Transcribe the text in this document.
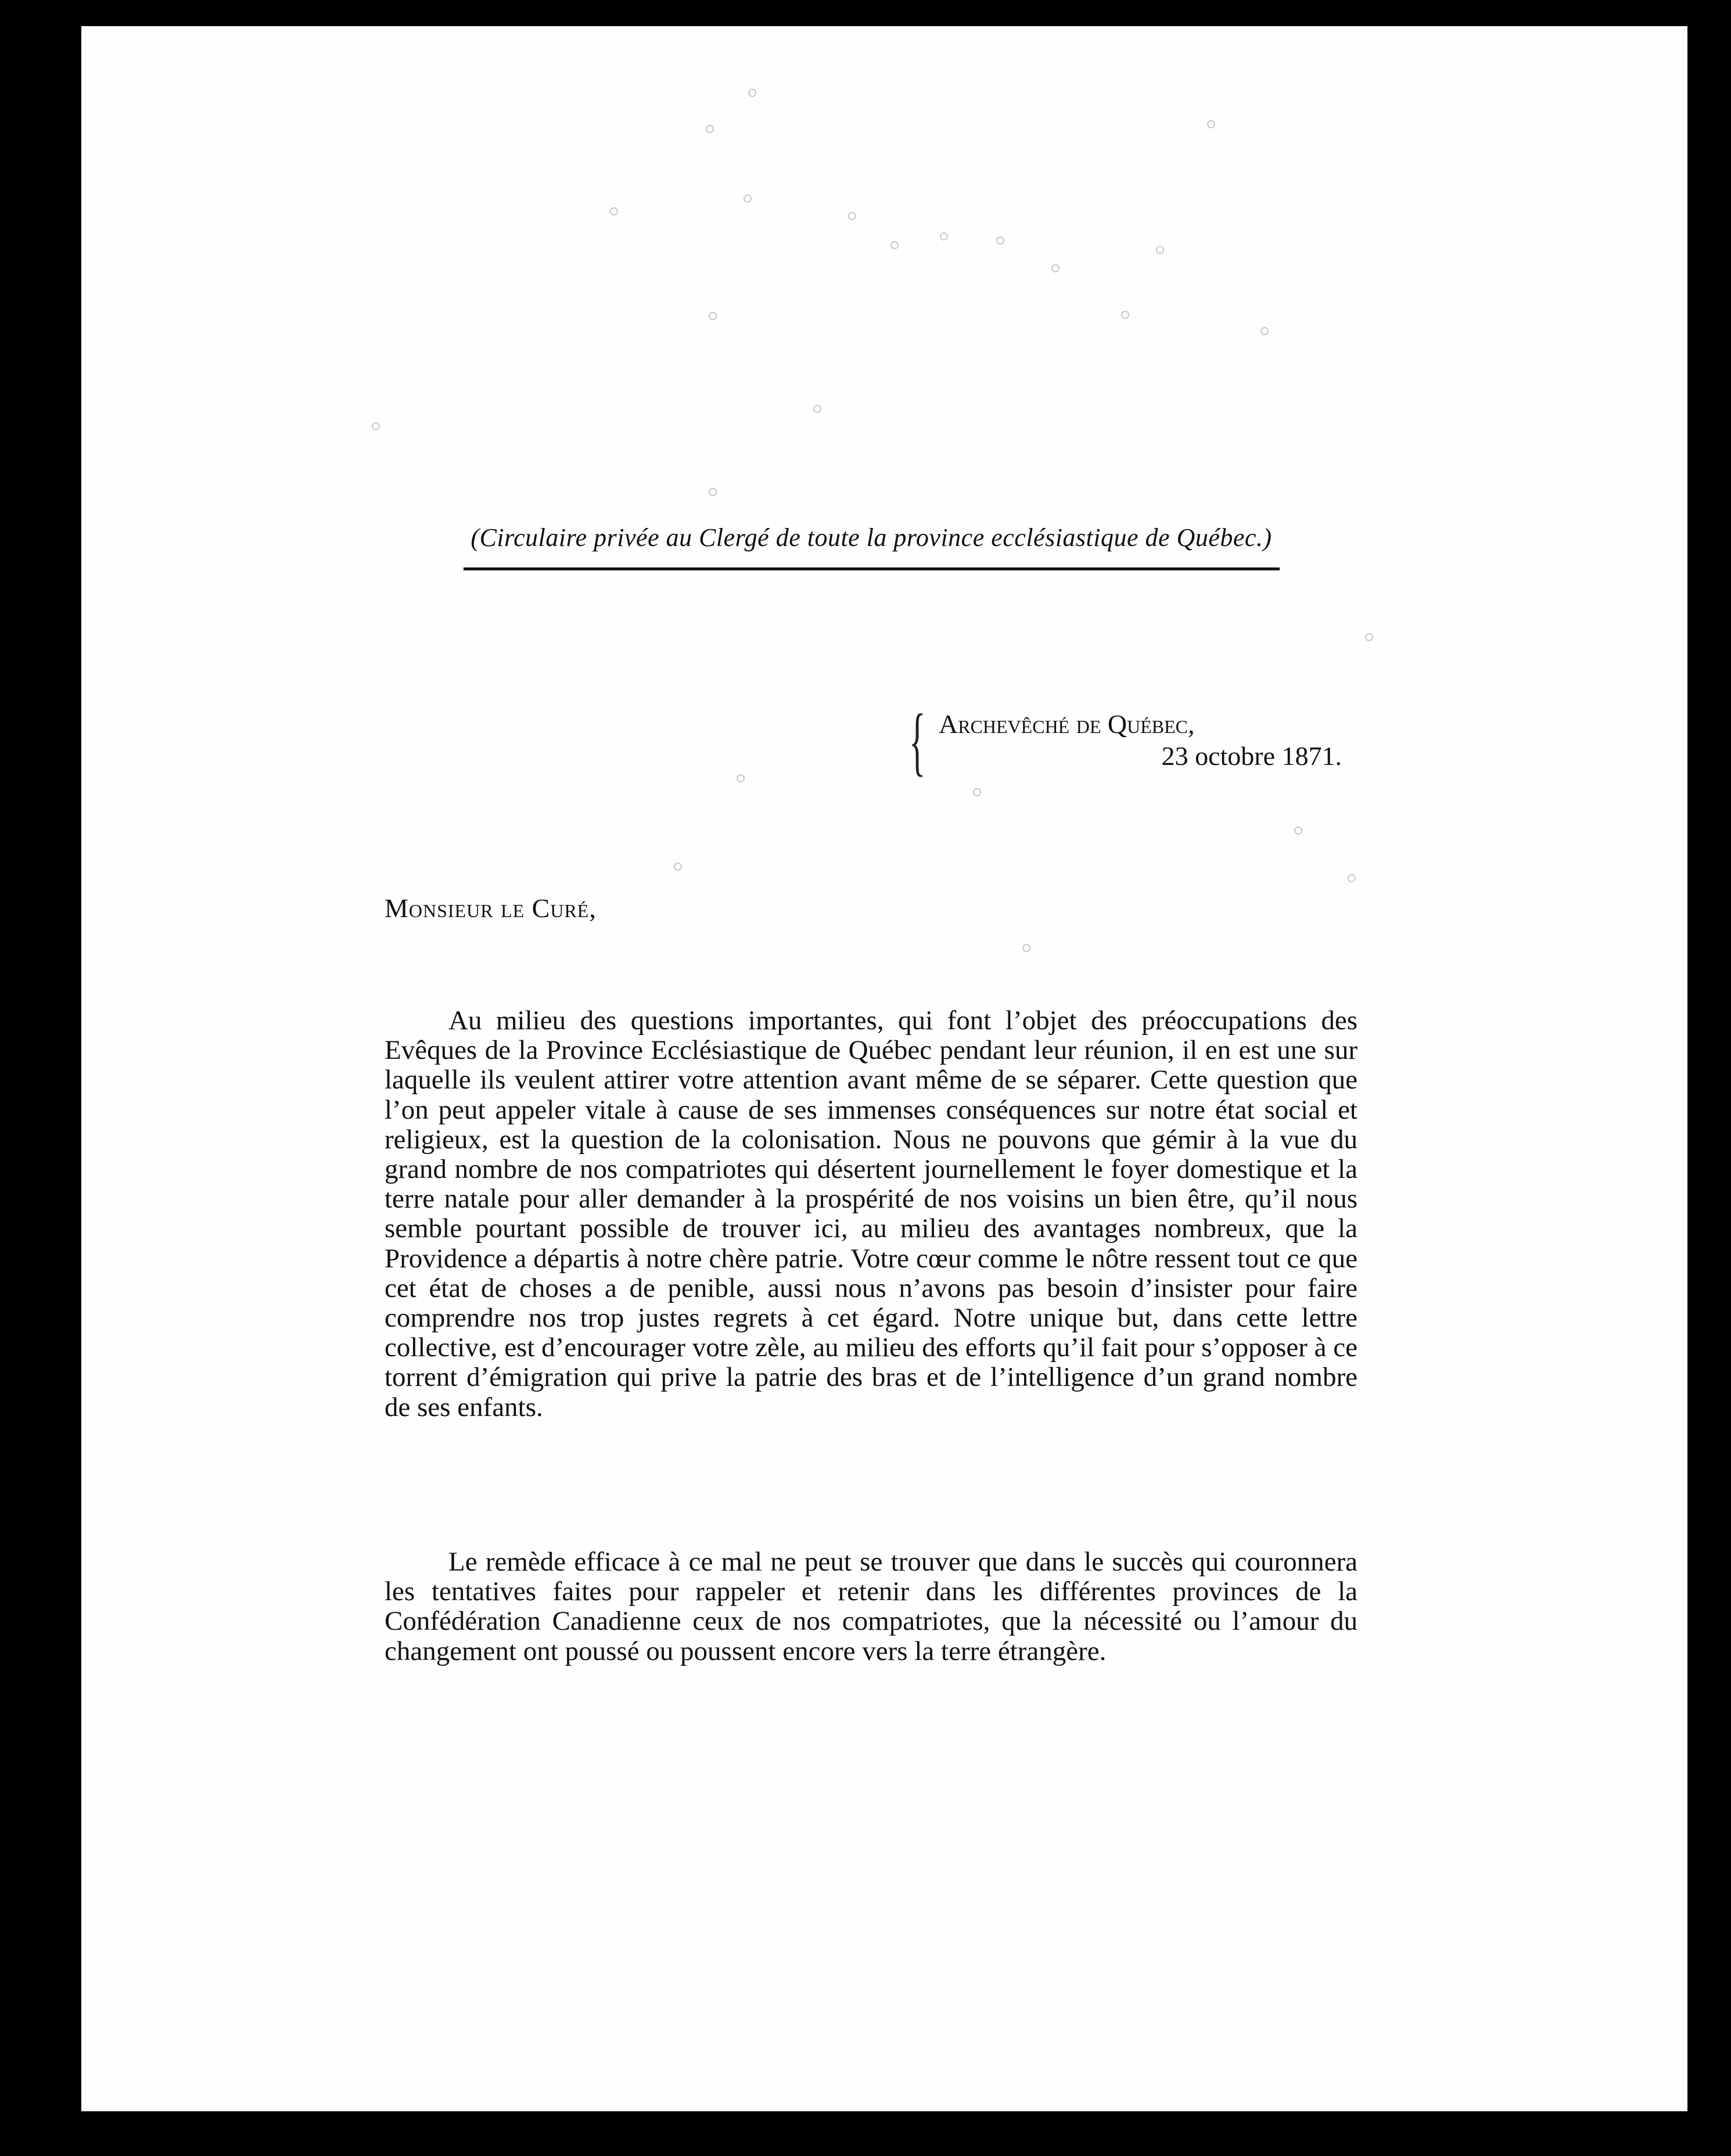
(Circulaire privée au Clergé de toute la province ecclésiastique de Québec.)
{ Archevêché de Québec,
23 octobre 1871.
Monsieur le Curé,

Au milieu des questions importantes, qui font l’objet des préoccupations des Evêques de la Province Ecclésiastique de Québec pendant leur réunion, il en est une sur laquelle ils veulent attirer votre attention avant même de se séparer. Cette question que l’on peut appeler vitale à cause de ses immenses conséquences sur notre état social et religieux, est la question de la colonisation. Nous ne pouvons que gémir à la vue du grand nombre de nos compatriotes qui désertent journellement le foyer domestique et la terre natale pour aller demander à la prospérité de nos voisins un bien être, qu’il nous semble pourtant possible de trouver ici, au milieu des avantages nombreux, que la Providence a départis à notre chère patrie. Votre cœur comme le nôtre ressent tout ce que cet état de choses a de penible, aussi nous n’avons pas besoin d’insister pour faire comprendre nos trop justes regrets à cet égard. Notre unique but, dans cette lettre collective, est d’encourager votre zèle, au milieu des efforts qu’il fait pour s’opposer à ce torrent d’émigration qui prive la patrie des bras et de l’intelligence d’un grand nombre de ses enfants.

Le remède efficace à ce mal ne peut se trouver que dans le succès qui couronnera les tentatives faites pour rappeler et retenir dans les différentes provinces de la Confédération Canadienne ceux de nos compatriotes, que la nécessité ou l’amour du changement ont poussé ou poussent encore vers la terre étrangère.
